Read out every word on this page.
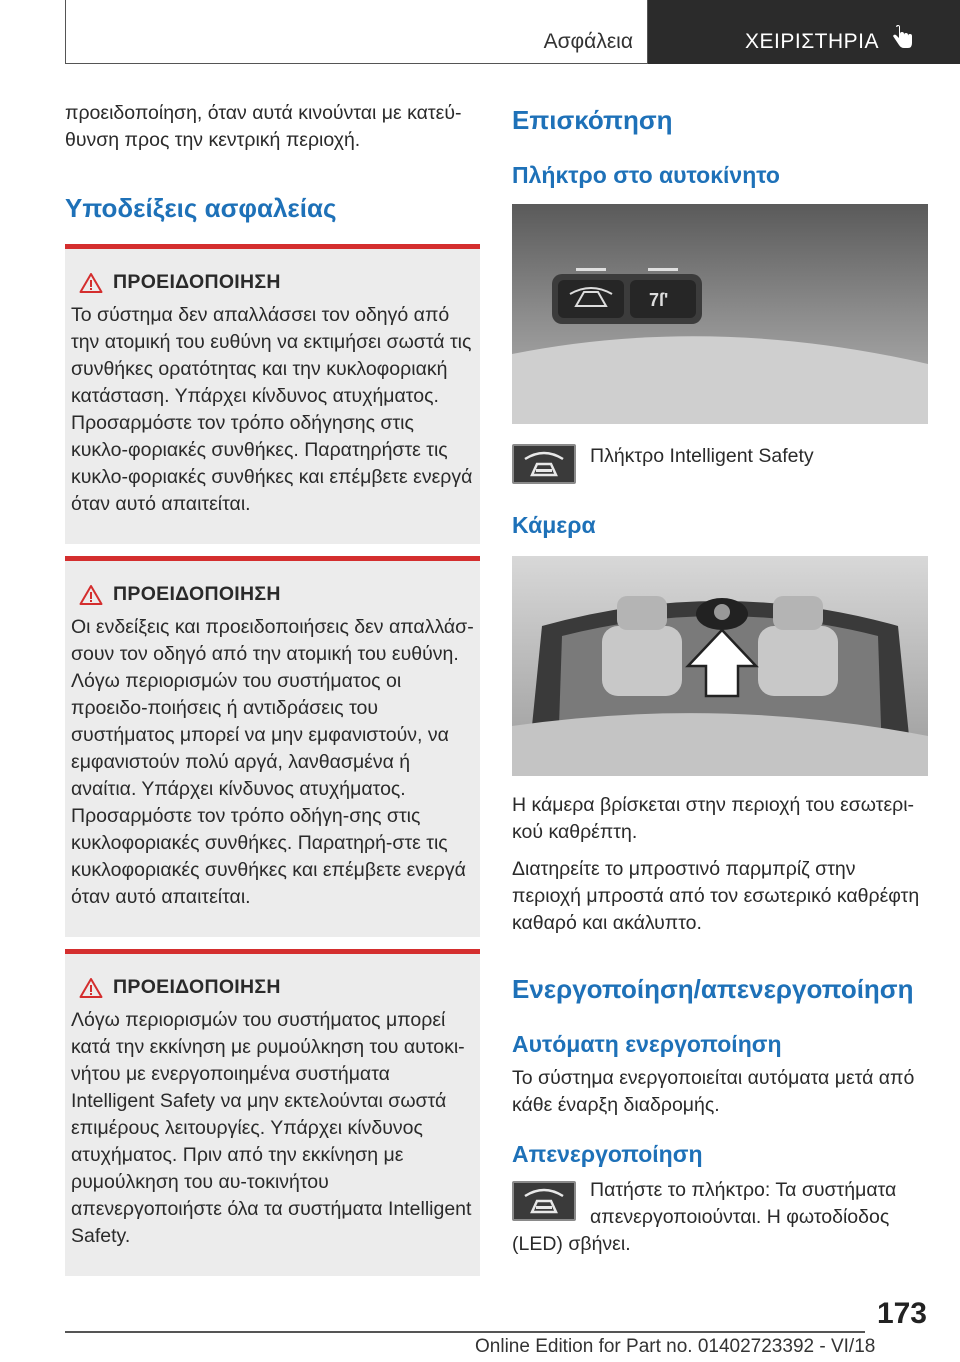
Ασφάλεια	ΧΕΙΡΙΣΤΗΡΙΑ

προειδοποίηση, όταν αυτά κινούνται με κατεύ-θυνση προς την κεντρική περιοχή.

Υποδείξεις ασφαλείας
ΠΡΟΕΙΔΟΠΟΙΗΣΗ
Το σύστημα δεν απαλλάσσει τον οδηγό από την ατομική του ευθύνη να εκτιμήσει σωστά τις συνθήκες ορατότητας και την κυκλοφοριακή κατάσταση. Υπάρχει κίνδυνος ατυχήματος. Προσαρμόστε τον τρόπο οδήγησης στις κυκλο-φοριακές συνθήκες. Παρατηρήστε τις κυκλο-φοριακές συνθήκες και επέμβετε ενεργά όταν αυτό απαιτείται.
ΠΡΟΕΙΔΟΠΟΙΗΣΗ
Οι ενδείξεις και προειδοποιήσεις δεν απαλλάσ-σουν τον οδηγό από την ατομική του ευθύνη. Λόγω περιορισμών του συστήματος οι προειδο-ποιήσεις ή αντιδράσεις του συστήματος μπορεί να μην εμφανιστούν, να εμφανιστούν πολύ αργά, λανθασμένα ή αναίτια. Υπάρχει κίνδυνος ατυχήματος. Προσαρμόστε τον τρόπο οδήγη-σης στις κυκλοφοριακές συνθήκες. Παρατηρή-στε τις κυκλοφοριακές συνθήκες και επέμβετε ενεργά όταν αυτό απαιτείται.
ΠΡΟΕΙΔΟΠΟΙΗΣΗ
Λόγω περιορισμών του συστήματος μπορεί κατά την εκκίνηση με ρυμούλκηση του αυτοκι-νήτου με ενεργοποιημένα συστήματα Intelligent Safety να μην εκτελούνται σωστά επιμέρους λειτουργίες. Υπάρχει κίνδυνος ατυχήματος. Πριν από την εκκίνηση με ρυμούλκηση του αυ-τοκινήτου απενεργοποιήστε όλα τα συστήματα Intelligent Safety.
Επισκόπηση
Πλήκτρο στο αυτοκίνητο
7ſ'

Πλήκτρο Intelligent Safety

Κάμερα

Η κάμερα βρίσκεται στην περιοχή του εσωτερι-κού καθρέπτη.

Διατηρείτε το μπροστινό παρμπρίζ στην περιοχή μπροστά από τον εσωτερικό καθρέφτη καθαρό και ακάλυπτο.

Ενεργοποίηση/απενεργοποίηση
Αυτόματη ενεργοποίηση

Το σύστημα ενεργοποιείται αυτόματα μετά από κάθε έναρξη διαδρομής.

Απενεργοποίηση

Πατήστε το πλήκτρο: Τα συστήματα απενεργοποιούνται. Η φωτοδίοδος (LED) σβήνει.

173
Online Edition for Part no. 01402723392 - VI/18
